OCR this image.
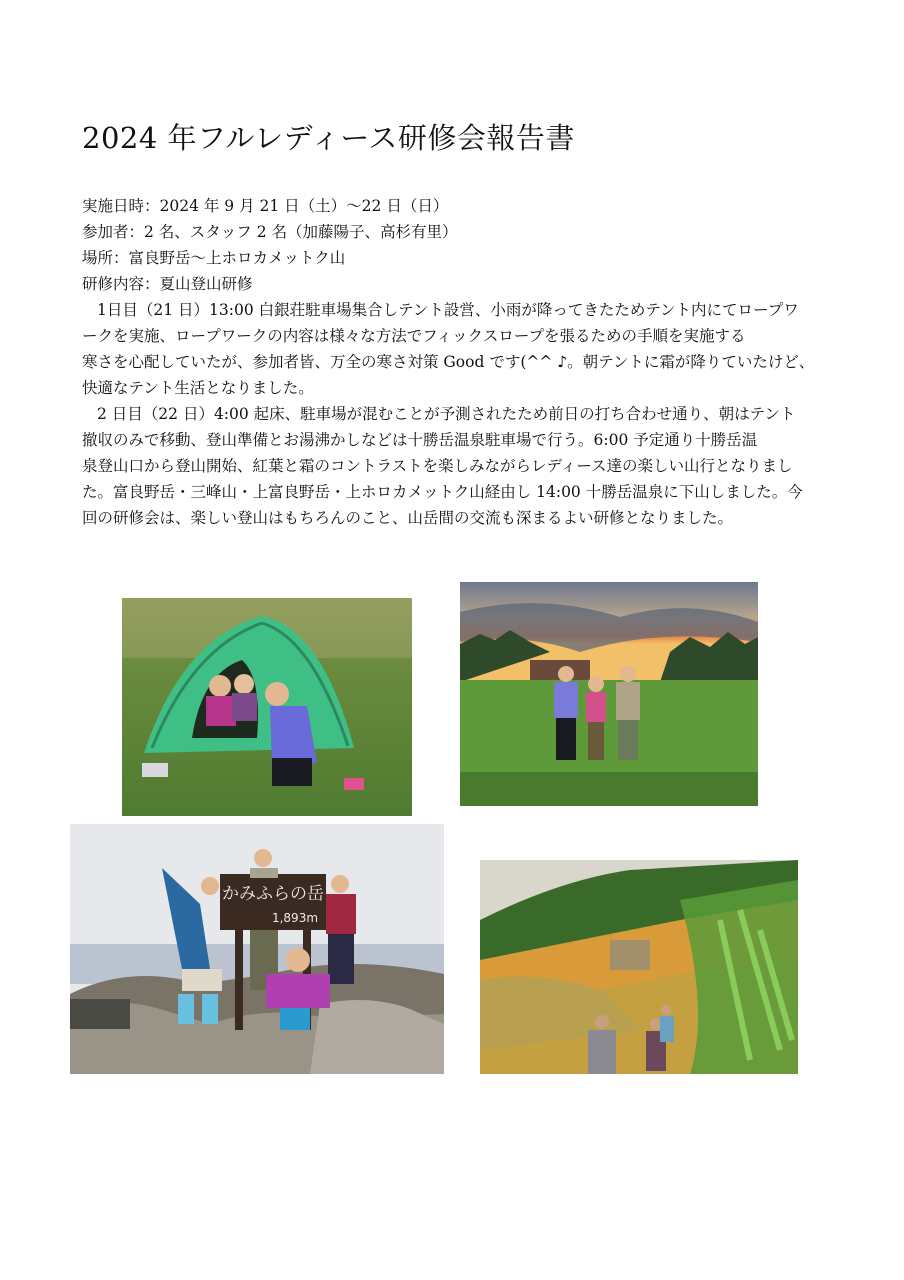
2024 年フルレディース研修会報告書
実施日時：2024 年 9 月 21 日（土）～22 日（日）
参加者：2 名、スタッフ 2 名（加藤陽子、高杉有里）
場所：富良野岳～上ホロカメットク山
研修内容：夏山登山研修
1日目（21 日）13:00 白銀荘駐車場集合しテント設営、小雨が降ってきたためテント内にてロープワ
ークを実施、ロープワークの内容は様々な方法でフィックスロープを張るための手順を実施する
寒さを心配していたが、参加者皆、万全の寒さ対策 Good です(^^ ♪。朝テントに霜が降りていたけど、
快適なテント生活となりました。
2 日目（22 日）4:00 起床、駐車場が混むことが予測されたため前日の打ち合わせ通り、朝はテント
撤収のみで移動、登山準備とお湯沸かしなどは十勝岳温泉駐車場で行う。6:00 予定通り十勝岳温
泉登山口から登山開始、紅葉と霜のコントラストを楽しみながらレディース達の楽しい山行となりまし
た。富良野岳・三峰山・上富良野岳・上ホロカメットク山経由し 14:00 十勝岳温泉に下山しました。今
回の研修会は、楽しい登山はもちろんのこと、山岳間の交流も深まるよい研修となりました。
かみふらの岳
1,893m
